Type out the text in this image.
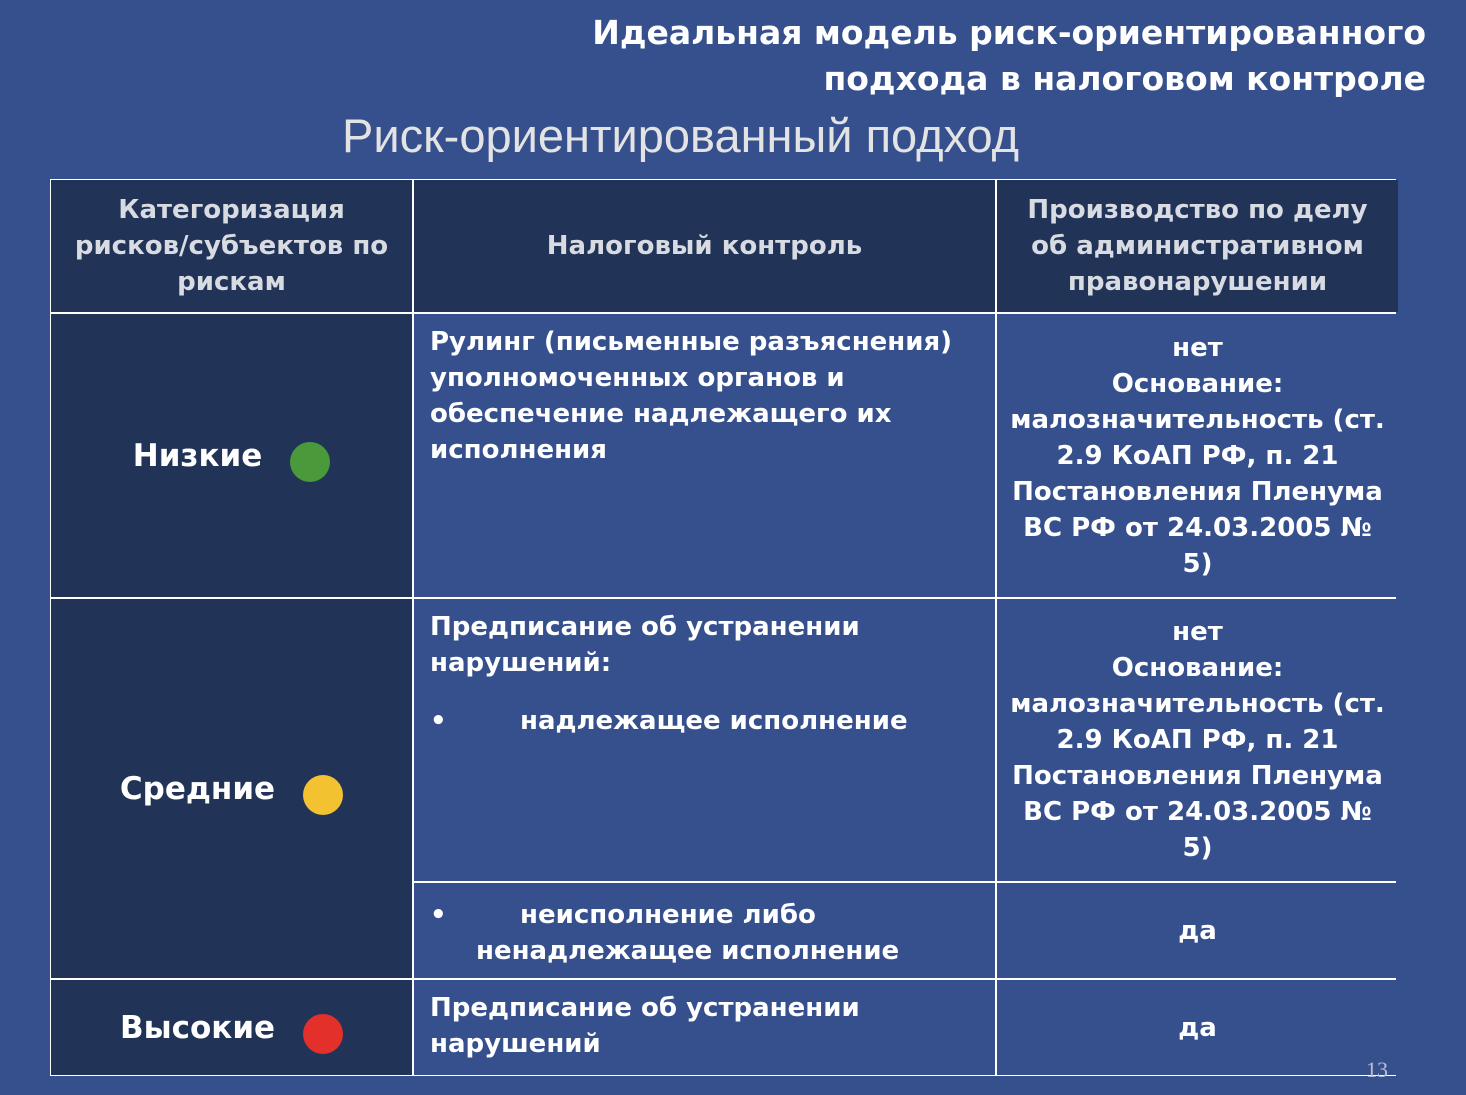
Идеальная модель риск-ориентированного
подхода в налоговом контроле
Риск-ориентированный подход
Категоризация рисков/субъектов по рискам
Налоговый контроль
Производство по делу об административном правонарушении
Низкие
Рулинг (письменные разъяснения) уполномоченных органов и обеспечение надлежащего их исполнения
нет
Основание:
малозначительность (ст. 2.9 КоАП РФ, п. 21 Постановления Пленума ВС РФ от 24.03.2005 № 5)
Средние
Предписание об устранении нарушений:
•	надлежащее исполнение
нет
Основание:
малозначительность (ст. 2.9 КоАП РФ, п. 21 Постановления Пленума ВС РФ от 24.03.2005 № 5)
•	неисполнение либо
ненадлежащее исполнение
да
Высокие
Предписание об устранении нарушений
да
13
